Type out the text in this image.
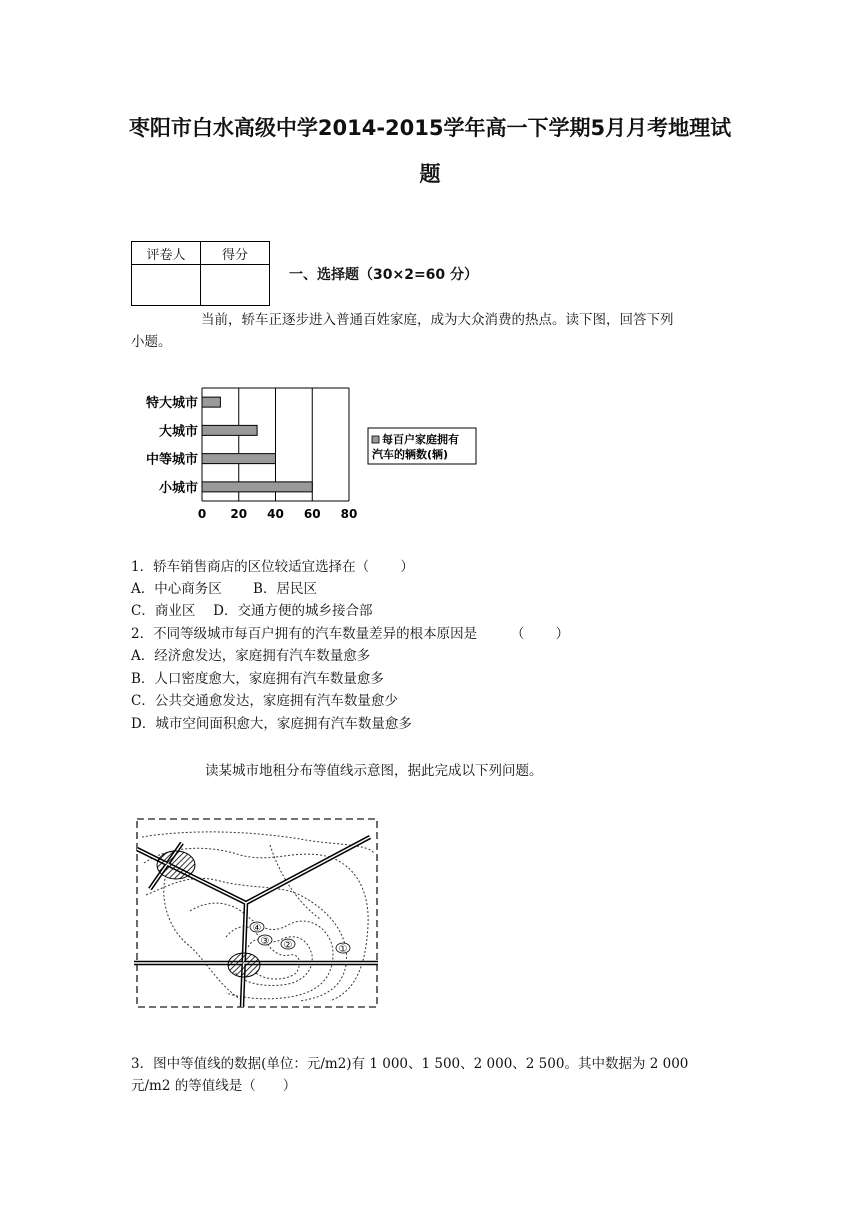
枣阳市白水高级中学2014-2015学年高一下学期5月月考地理试
题
评卷人	得分

一、选择题（30×2=60 分）
当前，轿车正逐步进入普通百姓家庭，成为大众消费的热点。读下图，回答下列
小题。
特大城市
大城市
中等城市
小城市
0 20 40 60 80
每百户家庭拥有
汽车的辆数(辆)
1．轿车销售商店的区位较适宜选择在（　　 ）
A．中心商务区　　 B．居民区
C．商业区　 D．交通方便的城乡接合部
2．不同等级城市每百户拥有的汽车数量差异的根本原因是　　　（　　 ）
A．经济愈发达，家庭拥有汽车数量愈多
B．人口密度愈大，家庭拥有汽车数量愈多
C．公共交通愈发达，家庭拥有汽车数量愈少
D．城市空间面积愈大，家庭拥有汽车数量愈多
读某城市地租分布等值线示意图，据此完成以下列问题。
④
③ ②	①
3．图中等值线的数据(单位：元/m2)有 1 000、1 500、2 000、2 500。其中数据为 2 000
元/m2 的等值线是（　　）
